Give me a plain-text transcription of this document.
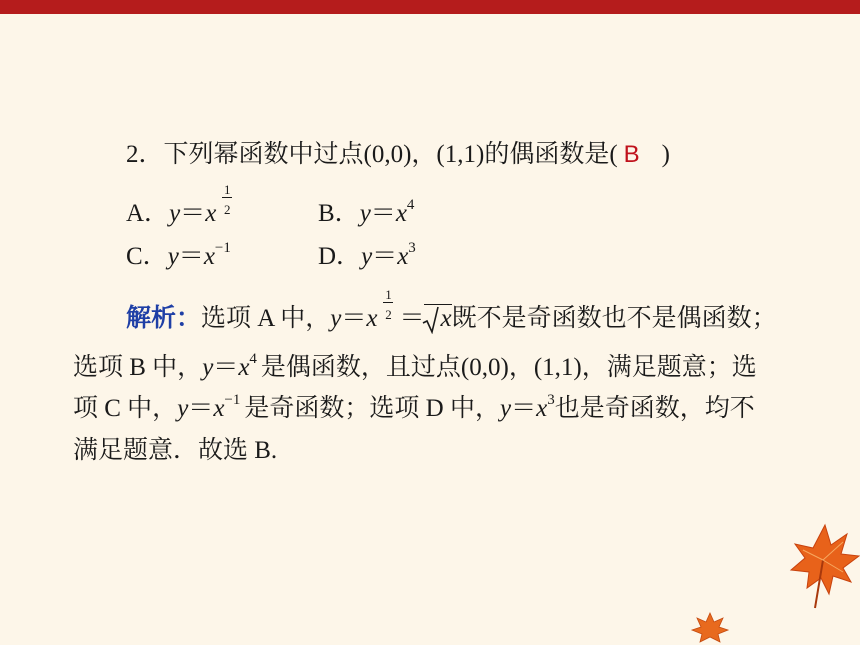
2．下列幂函数中过点(0,0)，(1,1)的偶函数是( B )
A．$y=x \frac{1}{2}$	B．$y=x^4$
C．$y=x^{-1}$	D．$y=x^3$
解析：选项 A 中，$y=x \frac{1}{2} = x$既不是奇函数也不是偶函数；
选项 B 中，$y=x^4$ 是偶函数，且过点(0,0)，(1,1)，满足题意；选
项 C 中，$y=x^{-1}$ 是奇函数；选项 D 中，$y=x^3$也是奇函数，均不
满足题意．故选 B.
